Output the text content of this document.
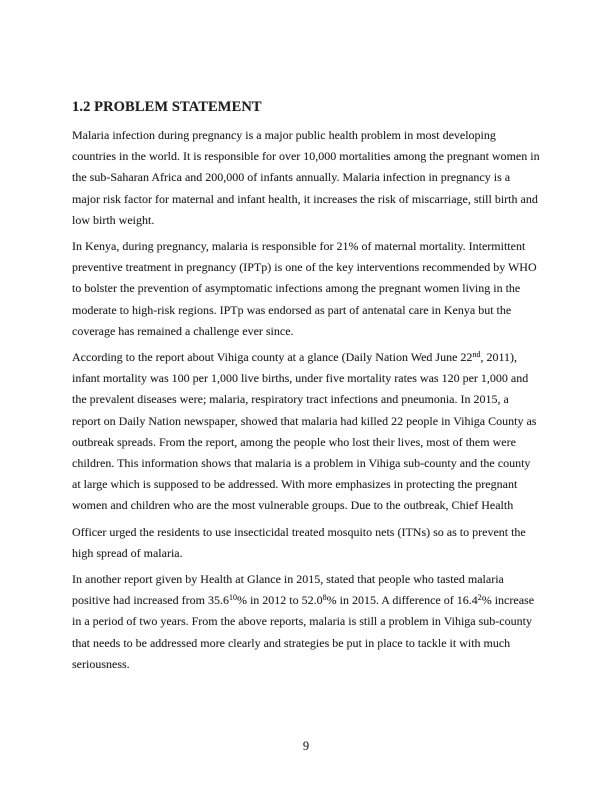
1.2 PROBLEM STATEMENT

Malaria infection during pregnancy is a major public health problem in most developing
countries in the world. It is responsible for over 10,000 mortalities among the pregnant women in
the sub-Saharan Africa and 200,000 of infants annually. Malaria infection in pregnancy is a
major risk factor for maternal and infant health, it increases the risk of miscarriage, still birth and
low birth weight.

In Kenya, during pregnancy, malaria is responsible for 21% of maternal mortality. Intermittent
preventive treatment in pregnancy (IPTp) is one of the key interventions recommended by WHO
to bolster the prevention of asymptomatic infections among the pregnant women living in the
moderate to high-risk regions. IPTp was endorsed as part of antenatal care in Kenya but the
coverage has remained a challenge ever since.

According to the report about Vihiga county at a glance (Daily Nation Wed June 22nd, 2011),
infant mortality was 100 per 1,000 live births, under five mortality rates was 120 per 1,000 and
the prevalent diseases were; malaria, respiratory tract infections and pneumonia. In 2015, a
report on Daily Nation newspaper, showed that malaria had killed 22 people in Vihiga County as
outbreak spreads. From the report, among the people who lost their lives, most of them were
children. This information shows that malaria is a problem in Vihiga sub-county and the county
at large which is supposed to be addressed. With more emphasizes in protecting the pregnant
women and children who are the most vulnerable groups. Due to the outbreak, Chief Health

Officer urged the residents to use insecticidal treated mosquito nets (ITNs) so as to prevent the
high spread of malaria.

In another report given by Health at Glance in 2015, stated that people who tasted malaria
positive had increased from 35.6$^{10}$% in 2012 to 52.0$^8$% in 2015. A difference of 16.4$^2$% increase
in a period of two years. From the above reports, malaria is still a problem in Vihiga sub-county
that needs to be addressed more clearly and strategies be put in place to tackle it with much
seriousness.

9
